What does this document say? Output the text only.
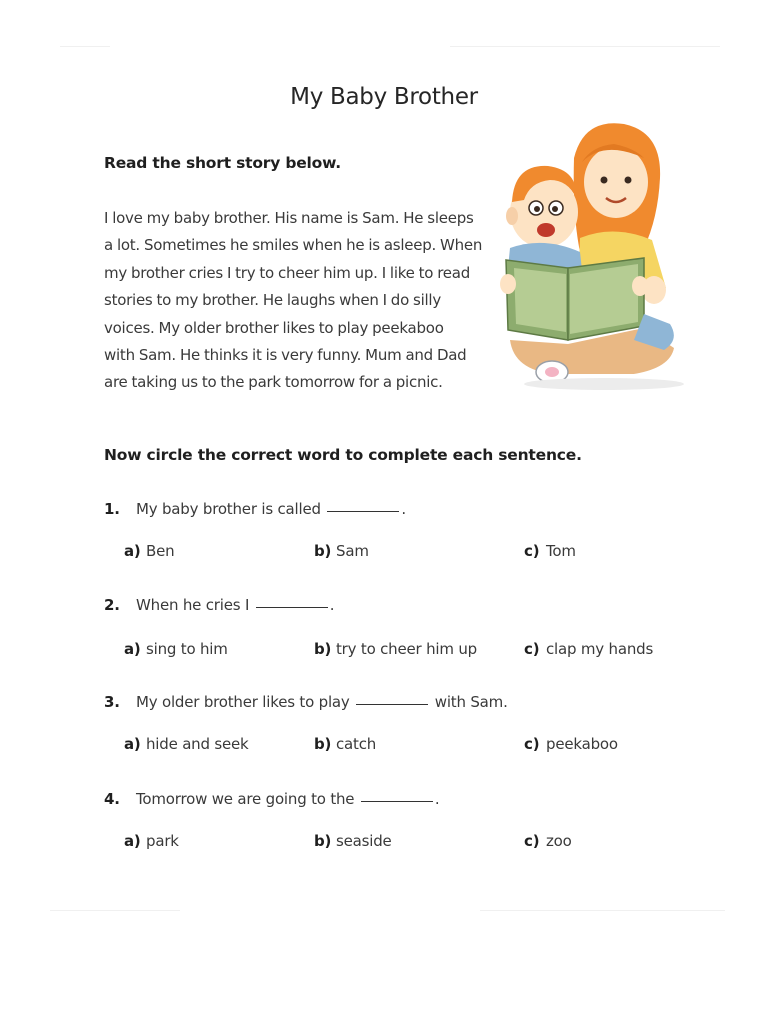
My Baby Brother
Read the short story below.
I love my baby brother. His name is Sam. He sleeps
a lot. Sometimes he smiles when he is asleep. When
my brother cries I try to cheer him up. I like to read
stories to my brother. He laughs when I do silly
voices. My older brother likes to play peekaboo
with Sam. He thinks it is very funny. Mum and Dad
are taking us to the park tomorrow for a picnic.
Now circle the correct word to complete each sentence.
1. My baby brother is called	.
a) Ben	b) Sam	c) Tom
2. When he cries I	.
a) sing to him	b) try to cheer him up	c) clap my hands
3. My older brother likes to play	with Sam.
a) hide and seek	b) catch	c) peekaboo
4. Tomorrow we are going to the	.
a) park	b) seaside	c) zoo
